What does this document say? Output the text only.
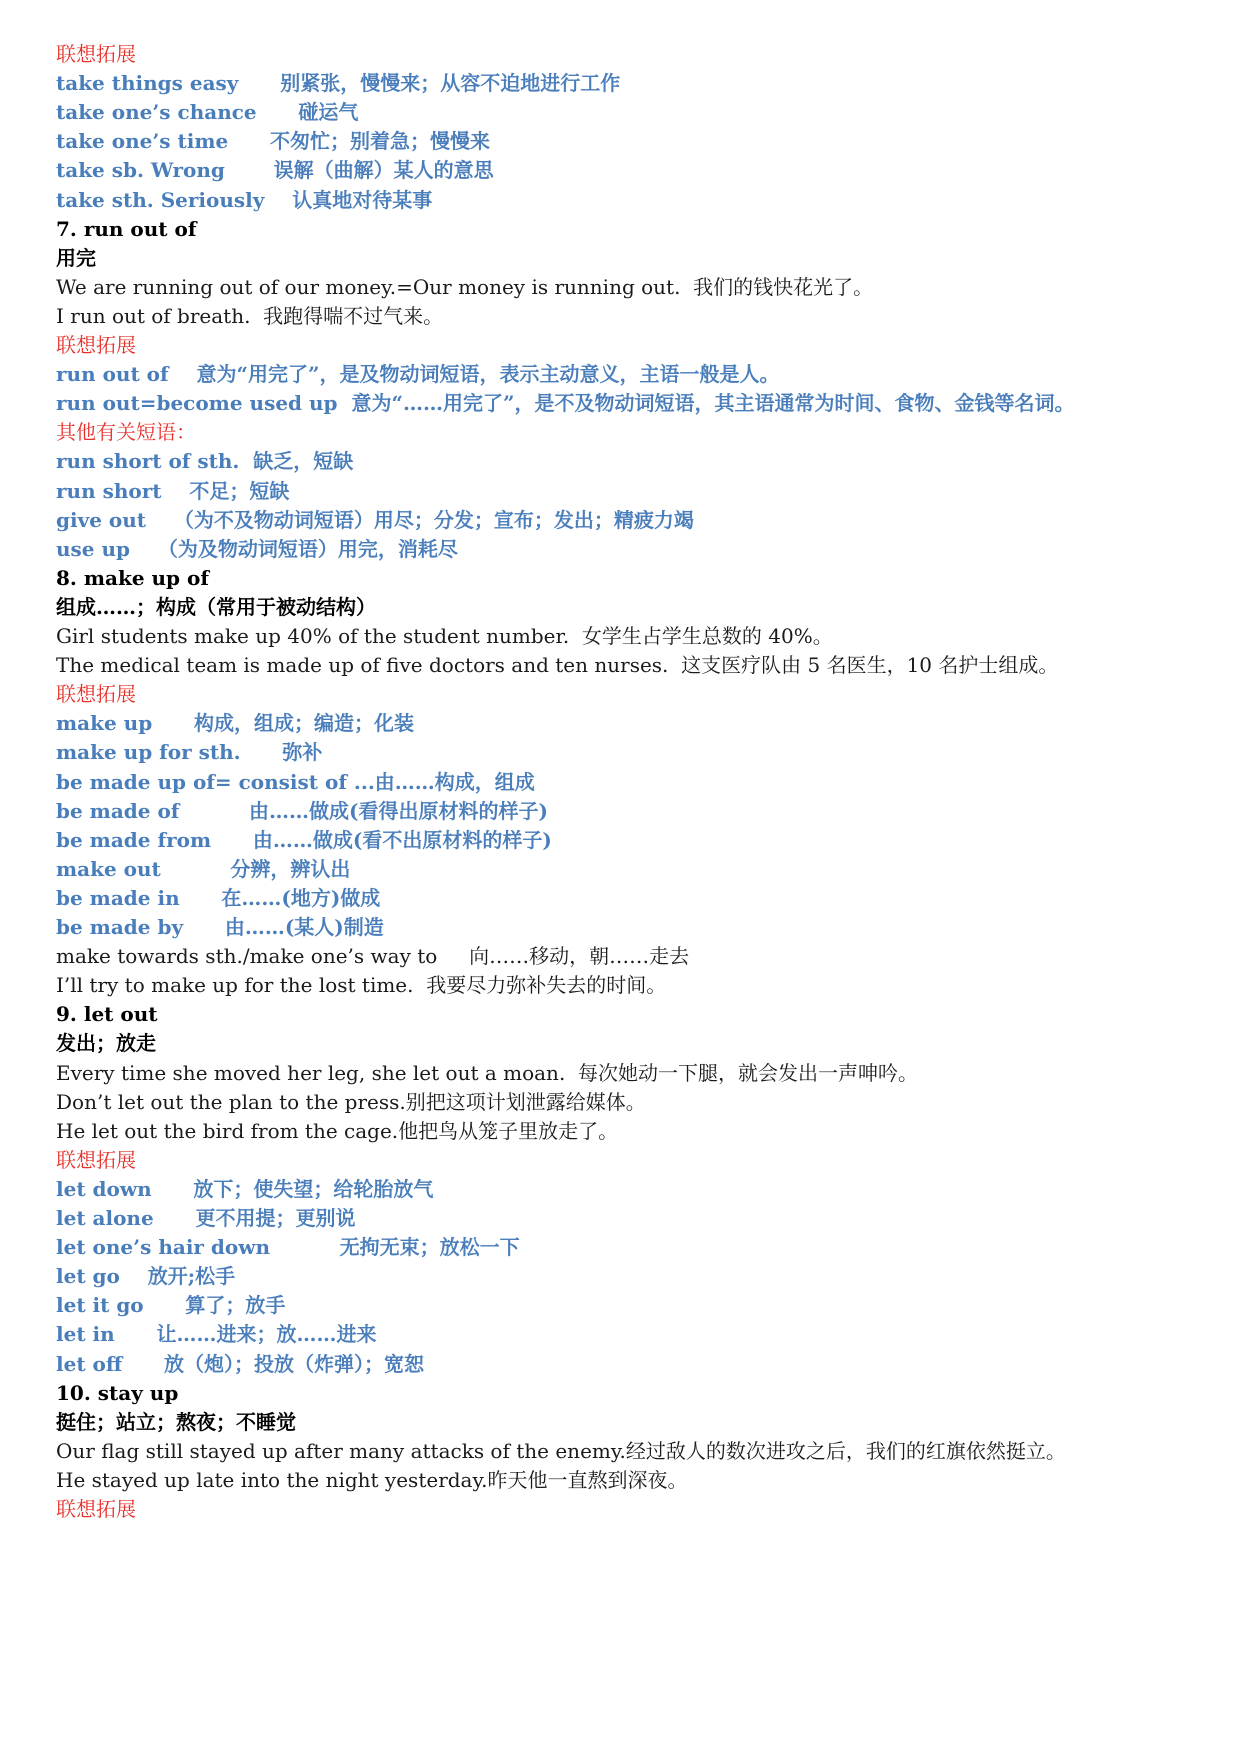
联想拓展
take things easy      别紧张，慢慢来；从容不迫地进行工作
take one’s chance      碰运气
take one’s time      不匆忙；别着急；慢慢来
take sb. Wrong       误解（曲解）某人的意思
take sth. Seriously    认真地对待某事
7. run out of
用完
We are running out of our money.=Our money is running out.  我们的钱快花光了。
I run out of breath.  我跑得喘不过气来。
联想拓展
run out of    意为“用完了”，是及物动词短语，表示主动意义，主语一般是人。
run out=become used up  意为“……用完了”，是不及物动词短语，其主语通常为时间、食物、金钱等名词。
其他有关短语：
run short of sth.  缺乏，短缺
run short    不足；短缺
give out    （为不及物动词短语）用尽；分发；宣布；发出；精疲力竭
use up    （为及物动词短语）用完，消耗尽
8. make up of
组成……；构成（常用于被动结构）
Girl students make up 40% of the student number.  女学生占学生总数的 40%。
The medical team is made up of five doctors and ten nurses.  这支医疗队由 5 名医生，10 名护士组成。
联想拓展
make up      构成，组成；编造；化装
make up for sth.      弥补
be made up of= consist of ...由……构成，组成
be made of          由……做成(看得出原材料的样子)
be made from      由……做成(看不出原材料的样子)
make out          分辨，辨认出
be made in      在……(地方)做成
be made by      由……(某人)制造
make towards sth./make one’s way to     向……移动，朝……走去
I’ll try to make up for the lost time.  我要尽力弥补失去的时间。
9. let out
发出；放走
Every time she moved her leg, she let out a moan.  每次她动一下腿，就会发出一声呻吟。
Don’t let out the plan to the press.别把这项计划泄露给媒体。
He let out the bird from the cage.他把鸟从笼子里放走了。
联想拓展
let down      放下；使失望；给轮胎放气
let alone      更不用提；更别说
let one’s hair down          无拘无束；放松一下
let go    放开;松手
let it go      算了；放手
let in      让……进来；放……进来
let off      放（炮）；投放（炸弹）；宽恕
10. stay up
挺住；站立；熬夜；不睡觉
Our flag still stayed up after many attacks of the enemy.经过敌人的数次进攻之后，我们的红旗依然挺立。
He stayed up late into the night yesterday.昨天他一直熬到深夜。
联想拓展
